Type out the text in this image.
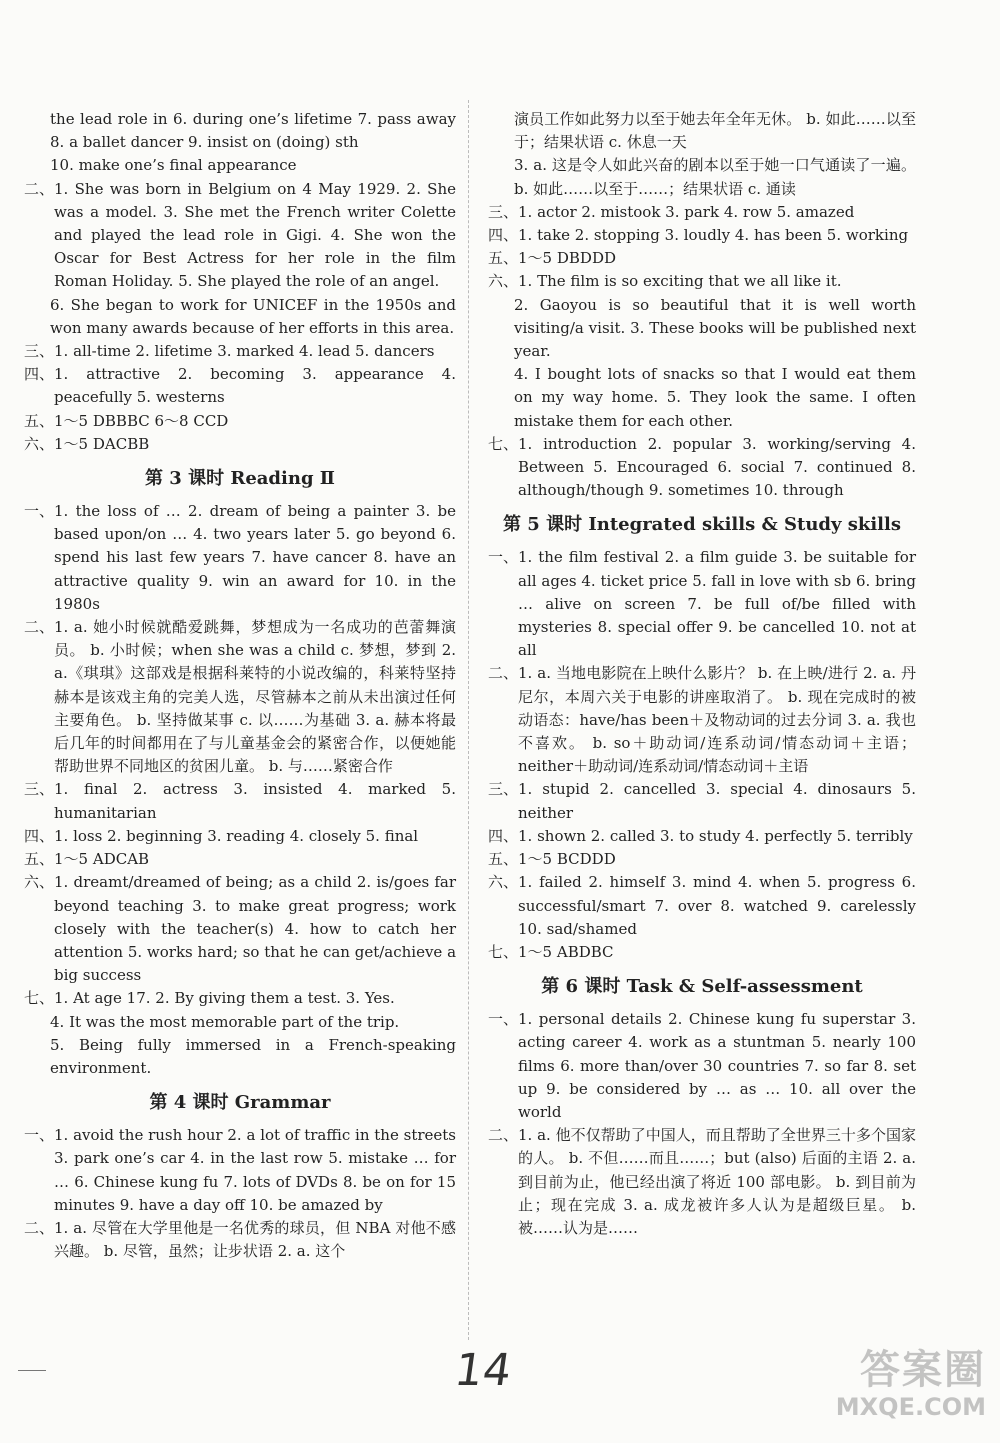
the lead role in 6. during one’s lifetime 7. pass away 8. a ballet dancer 9. insist on (doing) sth
10. make one’s final appearance
二、 1. She was born in Belgium on 4 May 1929. 2. She was a model. 3. She met the French writer Colette and played the lead role in Gigi. 4. She won the Oscar for Best Actress for her role in the film Roman Holiday. 5. She played the role of an angel.
6. She began to work for UNICEF in the 1950s and won many awards because of her efforts in this area.
三、 1. all-time 2. lifetime 3. marked 4. lead 5. dancers
四、 1. attractive 2. becoming 3. appearance 4. peacefully 5. westerns
五、 1～5 DBBBC 6～8 CCD
六、 1～5 DACBB
第 3 课时 Reading Ⅱ
一、 1. the loss of … 2. dream of being a painter 3. be based upon/on … 4. two years later 5. go beyond 6. spend his last few years 7. have cancer 8. have an attractive quality 9. win an award for 10. in the 1980s
二、 1. a. 她小时候就酷爱跳舞，梦想成为一名成功的芭蕾舞演员。 b. 小时候；when she was a child c. 梦想，梦到 2. a.《琪琪》这部戏是根据科莱特的小说改编的，科莱特坚持赫本是该戏主角的完美人选，尽管赫本之前从未出演过任何主要角色。 b. 坚持做某事 c. 以……为基础 3. a. 赫本将最后几年的时间都用在了与儿童基金会的紧密合作，以便她能帮助世界不同地区的贫困儿童。 b. 与……紧密合作
三、 1. final 2. actress 3. insisted 4. marked 5. humanitarian
四、 1. loss 2. beginning 3. reading 4. closely 5. final
五、 1～5 ADCAB
六、 1. dreamt/dreamed of being; as a child 2. is/goes far beyond teaching 3. to make great progress; work closely with the teacher(s) 4. how to catch her attention 5. works hard; so that he can get/achieve a big success
七、 1. At age 17. 2. By giving them a test. 3. Yes.
4. It was the most memorable part of the trip.
5. Being fully immersed in a French-speaking environment.
第 4 课时 Grammar
一、 1. avoid the rush hour 2. a lot of traffic in the streets 3. park one’s car 4. in the last row 5. mistake … for … 6. Chinese kung fu 7. lots of DVDs 8. be on for 15 minutes 9. have a day off 10. be amazed by
二、 1. a. 尽管在大学里他是一名优秀的球员，但 NBA 对他不感兴趣。 b. 尽管，虽然；让步状语 2. a. 这个
演员工作如此努力以至于她去年全年无休。 b. 如此……以至于；结果状语 c. 休息一天
3. a. 这是令人如此兴奋的剧本以至于她一口气通读了一遍。 b. 如此……以至于……；结果状语 c. 通读
三、 1. actor 2. mistook 3. park 4. row 5. amazed
四、 1. take 2. stopping 3. loudly 4. has been 5. working
五、 1～5 DBDDD
六、 1. The film is so exciting that we all like it.
2. Gaoyou is so beautiful that it is well worth visiting/a visit. 3. These books will be published next year.
4. I bought lots of snacks so that I would eat them on my way home. 5. They look the same. I often mistake them for each other.
七、 1. introduction 2. popular 3. working/serving 4. Between 5. Encouraged 6. social 7. continued 8. although/though 9. sometimes 10. through
第 5 课时 Integrated skills & Study skills
一、 1. the film festival 2. a film guide 3. be suitable for all ages 4. ticket price 5. fall in love with sb 6. bring … alive on screen 7. be full of/be filled with mysteries 8. special offer 9. be cancelled 10. not at all
二、 1. a. 当地电影院在上映什么影片？ b. 在上映/进行 2. a. 丹尼尔，本周六关于电影的讲座取消了。 b. 现在完成时的被动语态：have/has been＋及物动词的过去分词 3. a. 我也不喜欢。 b. so＋助动词/连系动词/情态动词＋主语；neither＋助动词/连系动词/情态动词＋主语
三、 1. stupid 2. cancelled 3. special 4. dinosaurs 5. neither
四、 1. shown 2. called 3. to study 4. perfectly 5. terribly
五、 1～5 BCDDD
六、 1. failed 2. himself 3. mind 4. when 5. progress 6. successful/smart 7. over 8. watched 9. carelessly 10. sad/shamed
七、 1～5 ABDBC
第 6 课时 Task & Self-assessment
一、 1. personal details 2. Chinese kung fu superstar 3. acting career 4. work as a stuntman 5. nearly 100 films 6. more than/over 30 countries 7. so far 8. set up 9. be considered by … as … 10. all over the world
二、 1. a. 他不仅帮助了中国人，而且帮助了全世界三十多个国家的人。 b. 不但……而且……；but (also) 后面的主语 2. a. 到目前为止，他已经出演了将近 100 部电影。 b. 到目前为止；现在完成 3. a. 成龙被许多人认为是超级巨星。 b. 被……认为是……
14	答案圈
MXQE.COM
